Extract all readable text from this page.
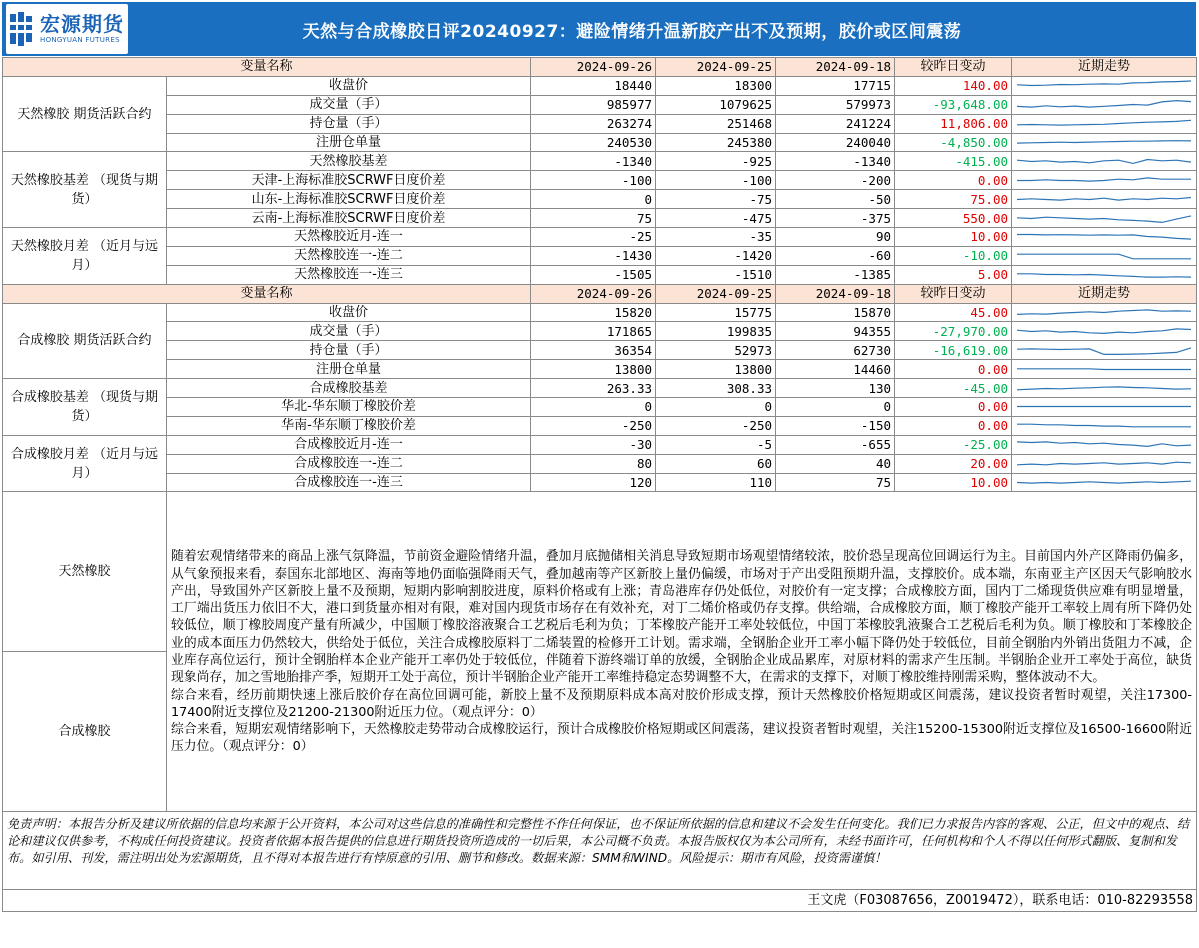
宏源期货
HONGYUAN FUTURES	天然与合成橡胶日评20240927：避险情绪升温新胶产出不及预期，胶价或区间震荡
变量名称		2024-09-26	2024-09-25	2024-09-18	较昨日变动	近期走势
天然橡胶 期货活跃合约	收盘价	18440	18300	17715	140.00	

	成交量（手）	985977	1079625	579973	-93,648.00	

	持仓量（手）	263274	251468	241224	11,806.00	

	注册仓单量	240530	245380	240040	-4,850.00	

天然橡胶基差 （现货与期货）	天然橡胶基差	-1340	-925	-1340	-415.00	

	天津-上海标准胶SCRWF日度价差	-100	-100	-200	0.00	

	山东-上海标准胶SCRWF日度价差	0	-75	-50	75.00	

	云南-上海标准胶SCRWF日度价差	75	-475	-375	550.00	

天然橡胶月差 （近月与远月）	天然橡胶近月-连一	-25	-35	90	10.00	

	天然橡胶连一-连二	-1430	-1420	-60	-10.00	

	天然橡胶连一-连三	-1505	-1510	-1385	5.00	

变量名称		2024-09-26	2024-09-25	2024-09-18	较昨日变动	近期走势
合成橡胶 期货活跃合约	收盘价	15820	15775	15870	45.00	

	成交量（手）	171865	199835	94355	-27,970.00	

	持仓量（手）	36354	52973	62730	-16,619.00	

	注册仓单量	13800	13800	14460	0.00	

合成橡胶基差 （现货与期货）	合成橡胶基差	263.33	308.33	130	-45.00	

	华北-华东顺丁橡胶价差	0	0	0	0.00	

	华南-华东顺丁橡胶价差	-250	-250	-150	0.00	

合成橡胶月差 （近月与远月）	合成橡胶近月-连一	-30	-5	-655	-25.00	

	合成橡胶连一-连二	80	60	40	20.00	

	合成橡胶连一-连三	120	110	75	10.00	

天然橡胶	随着宏观情绪带来的商品上涨气氛降温，节前资金避险情绪升温，叠加月底抛储相关消息导致短期市场观望情绪较浓，胶价恐呈现高位回调运行为主。目前国内外产区降雨仍偏多，从气象预报来看，泰国东北部地区、海南等地仍面临强降雨天气，叠加越南等产区新胶上量仍偏缓，市场对于产出受阻预期升温，支撑胶价。成本端，东南亚主产区因天气影响胶水产出，导致国外产区新胶上量不及预期，短期内影响割胶进度，原料价格或有上涨；青岛港库存仍处低位，对胶价有一定支撑；合成橡胶方面，国内丁二烯现货供应难有明显增量，工厂端出货压力依旧不大，港口到货量亦相对有限，难对国内现货市场存在有效补充，对丁二烯价格或仍存支撑。供给端，合成橡胶方面，顺丁橡胶产能开工率较上周有所下降仍处较低位，顺丁橡胶周度产量有所减少，中国顺丁橡胶溶液聚合工艺税后毛利为负；丁苯橡胶产能开工率处较低位，中国丁苯橡胶乳液聚合工艺税后毛利为负。顺丁橡胶和丁苯橡胶企业的成本面压力仍然较大，供给处于低位，关注合成橡胶原料丁二烯装置的检修开工计划。需求端，全钢胎企业开工率小幅下降仍处于较低位，目前全钢胎内外销出货阻力不减，企业库存高位运行，预计全钢胎样本企业产能开工率仍处于较低位，伴随着下游终端订单的放缓，全钢胎企业成品累库，对原材料的需求产生压制。半钢胎企业开工率处于高位，缺货现象尚存，加之雪地胎排产季，短期开工处于高位，预计半钢胎企业产能开工率维持稳定态势调整不大，在需求的支撑下，对顺丁橡胶维持刚需采购，整体波动不大。
综合来看，经历前期快速上涨后胶价存在高位回调可能，新胶上量不及预期原料成本高对胶价形成支撑，预计天然橡胶价格短期或区间震荡，建议投资者暂时观望，关注17300-17400附近支撑位及21200-21300附近压力位。（观点评分：0）
综合来看，短期宏观情绪影响下，天然橡胶走势带动合成橡胶运行，预计合成橡胶价格短期或区间震荡，建议投资者暂时观望，关注15200-15300附近支撑位及16500-16600附近压力位。（观点评分：0）					

合成橡胶						
免责声明：本报告分析及建议所依据的信息均来源于公开资料，本公司对这些信息的准确性和完整性不作任何保证，也不保证所依据的信息和建议不会发生任何变化。我们已力求报告内容的客观、公正，但文中的观点、结论和建议仅供参考，不构成任何投资建议。投资者依据本报告提供的信息进行期货投资所造成的一切后果，本公司概不负责。本报告版权仅为本公司所有，未经书面许可，任何机构和个人不得以任何形式翻版、复制和发布。如引用、刊发，需注明出处为宏源期货，且不得对本报告进行有悖原意的引用、删节和修改。数据来源：SMM和WIND。风险提示：期市有风险，投资需谨慎！						
王文虎（F03087656，Z0019472），联系电话：010-82293558						
